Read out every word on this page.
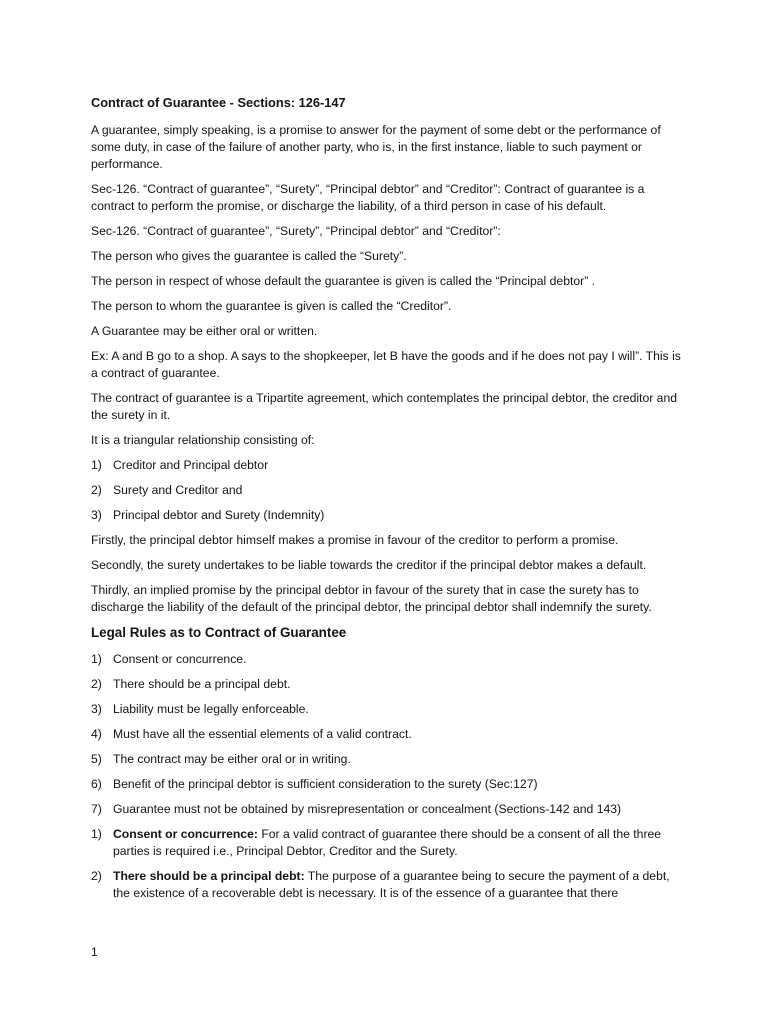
Contract of Guarantee - Sections: 126-147

A guarantee, simply speaking, is a promise to answer for the payment of some debt or the performance of some duty, in case of the failure of another party, who is, in the first instance, liable to such payment or performance.

Sec-126. “Contract of guarantee”, “Surety”, “Principal debtor” and “Creditor”: Contract of guarantee is a contract to perform the promise, or discharge the liability, of a third person in case of his default.

Sec-126. “Contract of guarantee”, “Surety”, “Principal debtor” and “Creditor”:

The person who gives the guarantee is called the “Surety”.

The person in respect of whose default the guarantee is given is called the “Principal debtor” .

The person to whom the guarantee is given is called the “Creditor”.

A Guarantee may be either oral or written.

Ex: A and B go to a shop. A says to the shopkeeper, let B have the goods and if he does not pay I will”. This is a contract of guarantee.

The contract of guarantee is a Tripartite agreement, which contemplates the principal debtor, the creditor and the surety in it.

It is a triangular relationship consisting of:

1) Creditor and Principal debtor
2) Surety and Creditor and
3) Principal debtor and Surety (Indemnity)

Firstly, the principal debtor himself makes a promise in favour of the creditor to perform a promise.

Secondly, the surety undertakes to be liable towards the creditor if the principal debtor makes a default.

Thirdly, an implied promise by the principal debtor in favour of the surety that in case the surety has to discharge the liability of the default of the principal debtor, the principal debtor shall indemnify the surety.

Legal Rules as to Contract of Guarantee
1) Consent or concurrence.
2) There should be a principal debt.
3) Liability must be legally enforceable.
4) Must have all the essential elements of a valid contract.
5) The contract may be either oral or in writing.
6) Benefit of the principal debtor is sufficient consideration to the surety (Sec:127)
7) Guarantee must not be obtained by misrepresentation or concealment (Sections-142 and 143)
1) Consent or concurrence: For a valid contract of guarantee there should be a consent of all the three parties is required i.e., Principal Debtor, Creditor and the Surety.
2) There should be a principal debt: The purpose of a guarantee being to secure the payment of a debt, the existence of a recoverable debt is necessary. It is of the essence of a guarantee that there
1
